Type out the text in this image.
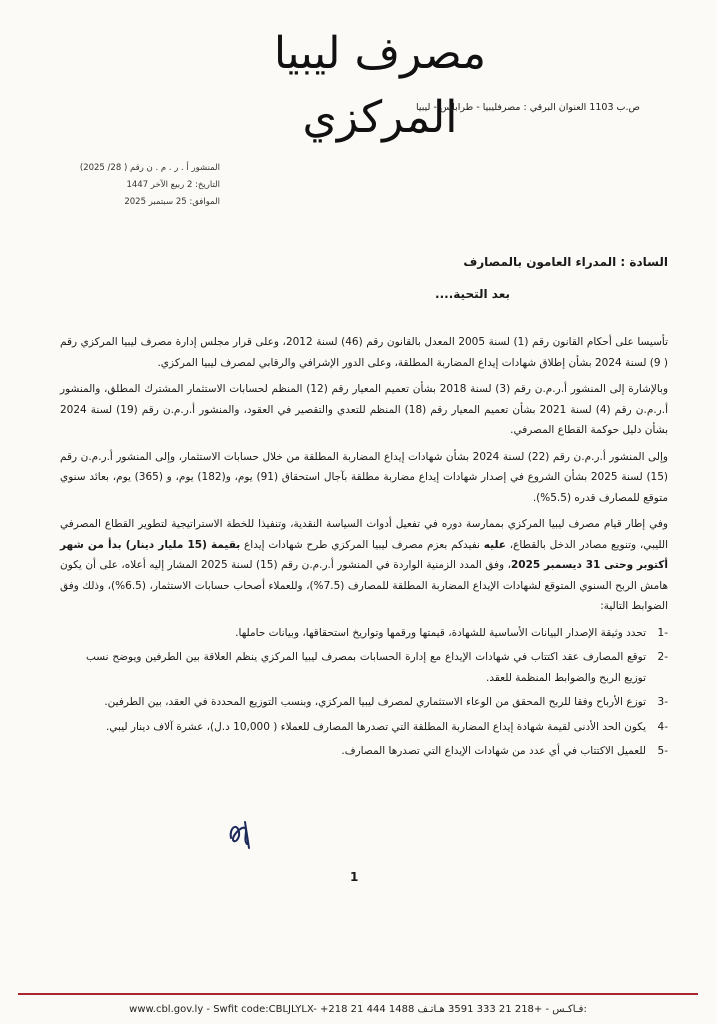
مصرف ليبيا المركزي
ص.ب 1103 العنوان البرقي : مصرفليبيا - طرابلس - ليبيا
المنشور أ . ر . م . ن رقم ( 28/ 2025)
التاريخ: 2 ربيع الآخر 1447
الموافق: 25 سبتمبر 2025
السادة : المدراء العامون بالمصارف
بعد التحية....

تأسيسا على أحكام القانون رقم (1) لسنة 2005 المعدل بالقانون رقم (46) لسنة 2012، وعلى قرار مجلس إدارة مصرف ليبيا المركزي رقم ( 9) لسنة 2024 بشأن إطلاق شهادات إيداع المضاربة المطلقة، وعلى الدور الإشرافي والرقابي لمصرف ليبيا المركزي.

وبالإشارة إلى المنشور أ.ر.م.ن رقم (3) لسنة 2018 بشأن تعميم المعيار رقم (12) المنظم لحسابات الاستثمار المشترك المطلق، والمنشور أ.ر.م.ن رقم (4) لسنة 2021 بشأن تعميم المعيار رقم (18) المنظم للتعدي والتقصير في العقود، والمنشور أ.ر.م.ن رقم (19) لسنة 2024 بشأن دليل حوكمة القطاع المصرفي.

وإلى المنشور أ.ر.م.ن رقم (22) لسنة 2024 بشأن شهادات إيداع المضاربة المطلقة من خلال حسابات الاستثمار، وإلى المنشور أ.ر.م.ن رقم (15) لسنة 2025 بشأن الشروع في إصدار شهادات إيداع مضاربة مطلقة بآجال استحقاق (91) يوم، و(182) يوم، و (365) يوم، بعائد سنوي متوقع للمصارف قدره (5.5%).

وفي إطار قيام مصرف ليبيا المركزي بممارسة دوره في تفعيل أدوات السياسة النقدية، وتنفيذا للخطة الاستراتيجية لتطوير القطاع المصرفي الليبي، وتنويع مصادر الدخل بالقطاع، عليه نفيدكم بعزم مصرف ليبيا المركزي طرح شهادات إيداع بقيمة (15 مليار دينار) بدأ من شهر أكتوبر وحتى 31 ديسمبر 2025، وفق المدد الزمنية الواردة في المنشور أ.ر.م.ن رقم (15) لسنة 2025 المشار إليه أعلاه، على أن يكون هامش الربح السنوي المتوقع لشهادات الإيداع المضاربة المطلقة للمصارف (7.5%)، وللعملاء أصحاب حسابات الاستثمار، (6.5%)، وذلك وفق الضوابط التالية:

-1
تحدد وثيقة الإصدار البيانات الأساسية للشهادة، قيمتها ورقمها وتواريخ استحقاقها، وبيانات حاملها.
-2
توقع المصارف عقد اكتتاب في شهادات الإيداع مع إدارة الحسابات بمصرف ليبيا المركزي ينظم العلاقة بين الطرفين ويوضح نسب توزيع الربح والضوابط المنظمة للعقد.
-3
توزع الأرباح وفقا للربح المحقق من الوعاء الاستثماري لمصرف ليبيا المركزي، وبنسب التوزيع المحددة في العقد، بين الطرفين.
-4
يكون الحد الأدنى لقيمة شهادة إيداع المضاربة المطلقة التي تصدرها المصارف للعملاء ( 10,000 د.ل)، عشرة آلاف دينار ليبي.
-5
للعميل الاكتتاب في أي عدد من شهادات الإيداع التي تصدرها المصارف.
1
www.cbl.gov.ly - Swfit code:CBLJLYLX- +218 21 444 1488 فـاكـس - +218 21 333 3591 هـاتـف:
